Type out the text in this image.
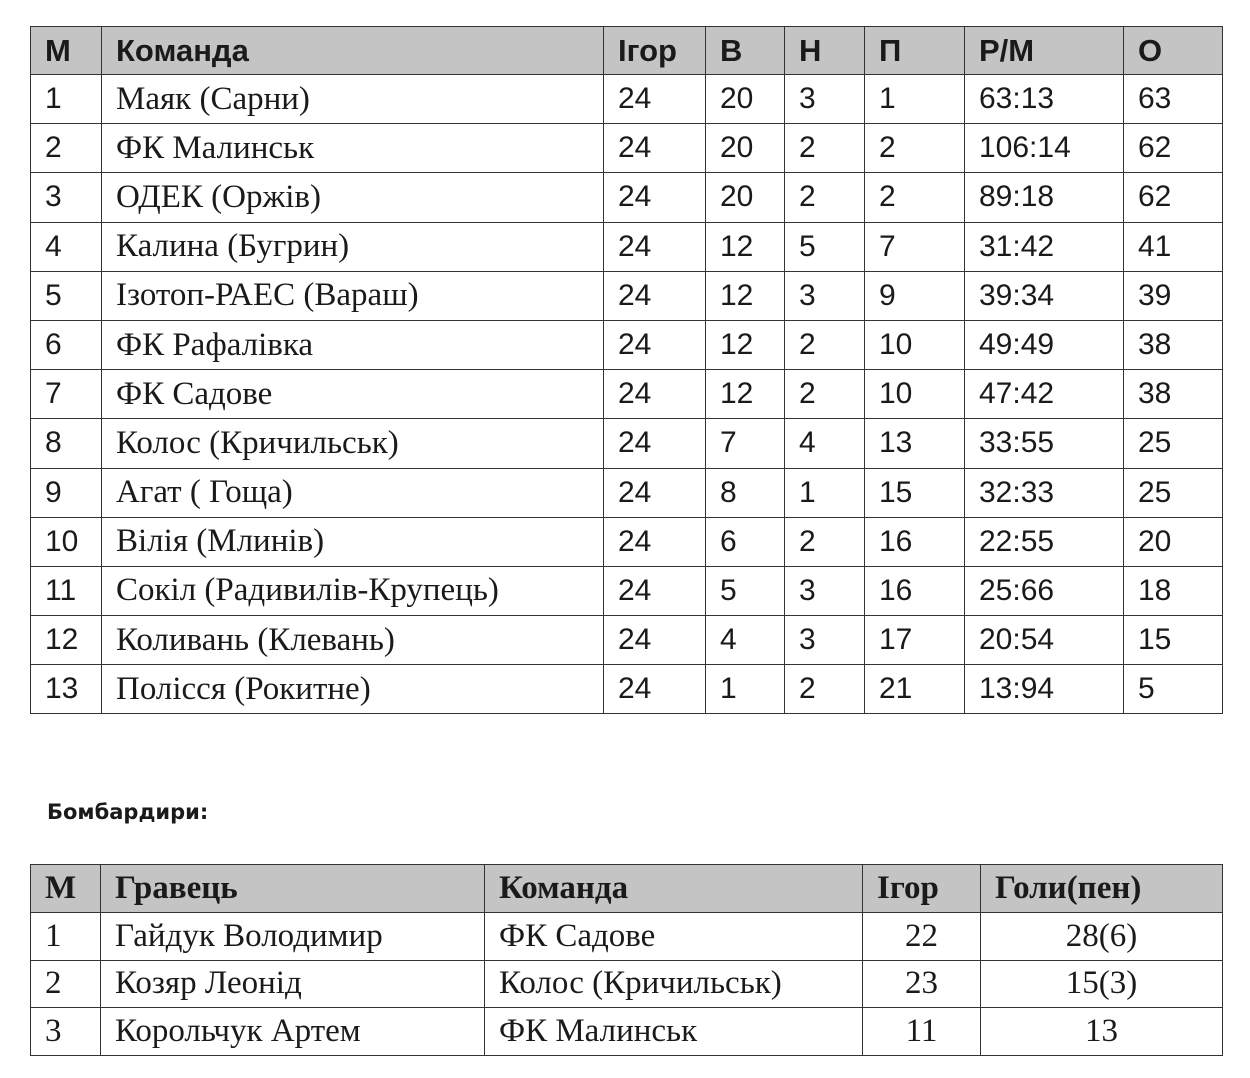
М	Команда	Ігор	В	Н	П	Р/М	О
1	Маяк (Сарни)	24	20	3	1	63:13	63
2	ФК Малинськ	24	20	2	2	106:14	62
3	ОДЕК (Оржів)	24	20	2	2	89:18	62
4	Калина (Бугрин)	24	12	5	7	31:42	41
5	Ізотоп-РАЕС (Вараш)	24	12	3	9	39:34	39
6	ФК Рафалівка	24	12	2	10	49:49	38
7	ФК Садове	24	12	2	10	47:42	38
8	Колос (Кричильськ)	24	7	4	13	33:55	25
9	Агат ( Гоща)	24	8	1	15	32:33	25
10	Вілія (Млинів)	24	6	2	16	22:55	20
11	Сокіл (Радивилів-Крупець)	24	5	3	16	25:66	18
12	Коливань (Клевань)	24	4	3	17	20:54	15
13	Полісся (Рокитне)	24	1	2	21	13:94	5

Бомбардири:

М	Гравець	Команда	Ігор	Голи(пен)
1	Гайдук Володимир	ФК Садове	22	28(6)
2	Козяр Леонід	Колос (Кричильськ)	23	15(3)
3	Корольчук Артем	ФК Малинськ	11	13
